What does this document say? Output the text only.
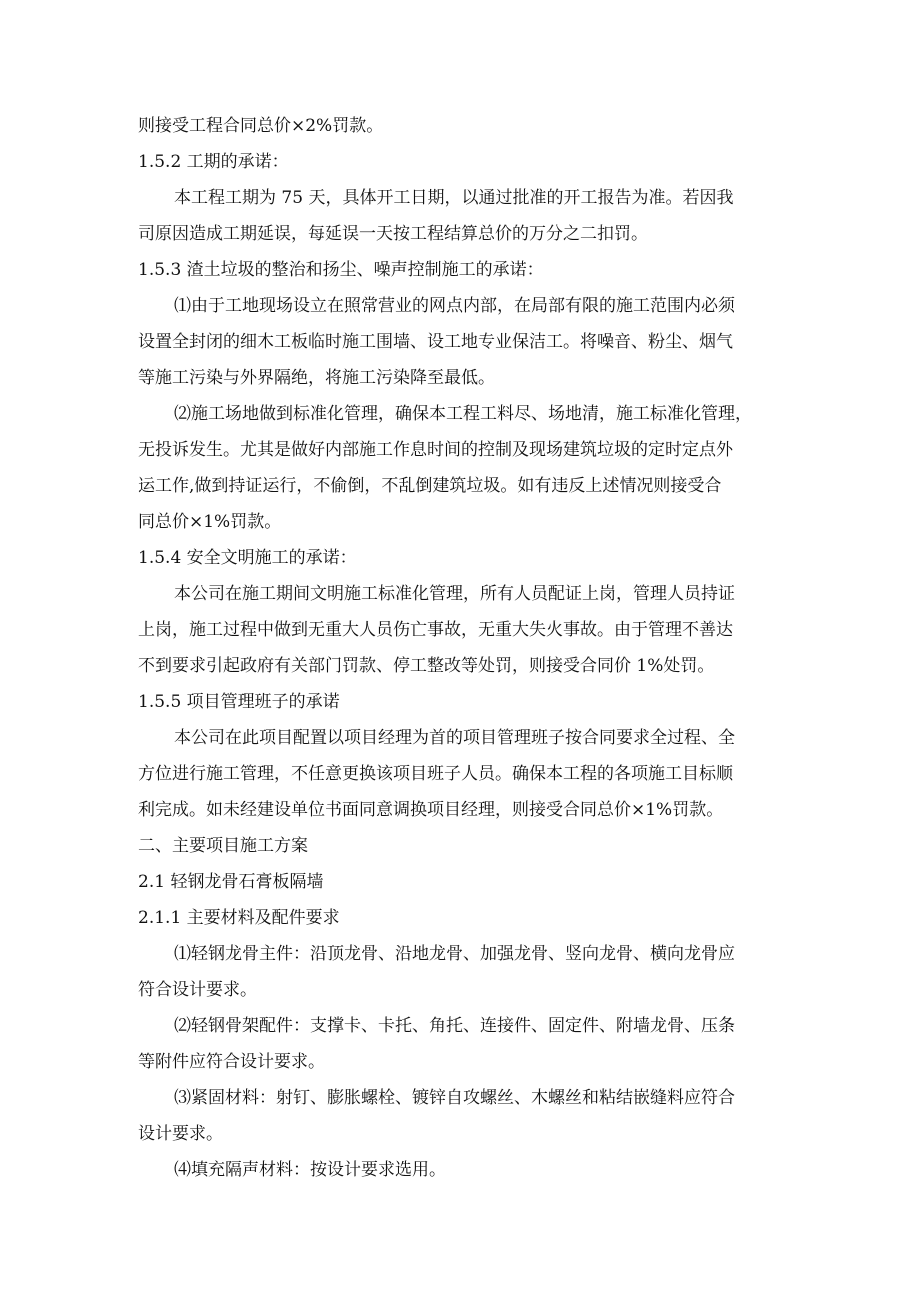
则接受工程合同总价×2%罚款。
1.5.2 工期的承诺：
本工程工期为 75 天，具体开工日期，以通过批准的开工报告为准。若因我
司原因造成工期延误，每延误一天按工程结算总价的万分之二扣罚。
1.5.3 渣土垃圾的整治和扬尘、噪声控制施工的承诺：
⑴由于工地现场设立在照常营业的网点内部，在局部有限的施工范围内必须
设置全封闭的细木工板临时施工围墙、设工地专业保洁工。将噪音、粉尘、烟气
等施工污染与外界隔绝，将施工污染降至最低。
⑵施工场地做到标准化管理，确保本工程工料尽、场地清，施工标准化管理，
无投诉发生。尤其是做好内部施工作息时间的控制及现场建筑垃圾的定时定点外
运工作,做到持证运行，不偷倒，不乱倒建筑垃圾。如有违反上述情况则接受合
同总价×1%罚款。
1.5.4 安全文明施工的承诺：
本公司在施工期间文明施工标准化管理，所有人员配证上岗，管理人员持证
上岗，施工过程中做到无重大人员伤亡事故，无重大失火事故。由于管理不善达
不到要求引起政府有关部门罚款、停工整改等处罚，则接受合同价 1%处罚。
1.5.5 项目管理班子的承诺
本公司在此项目配置以项目经理为首的项目管理班子按合同要求全过程、全
方位进行施工管理，不任意更换该项目班子人员。确保本工程的各项施工目标顺
利完成。如未经建设单位书面同意调换项目经理，则接受合同总价×1%罚款。
二、主要项目施工方案
2.1 轻钢龙骨石膏板隔墙
2.1.1 主要材料及配件要求
⑴轻钢龙骨主件：沿顶龙骨、沿地龙骨、加强龙骨、竖向龙骨、横向龙骨应
符合设计要求。
⑵轻钢骨架配件：支撑卡、卡托、角托、连接件、固定件、附墙龙骨、压条
等附件应符合设计要求。
⑶紧固材料：射钉、膨胀螺栓、镀锌自攻螺丝、木螺丝和粘结嵌缝料应符合
设计要求。
⑷填充隔声材料：按设计要求选用。
